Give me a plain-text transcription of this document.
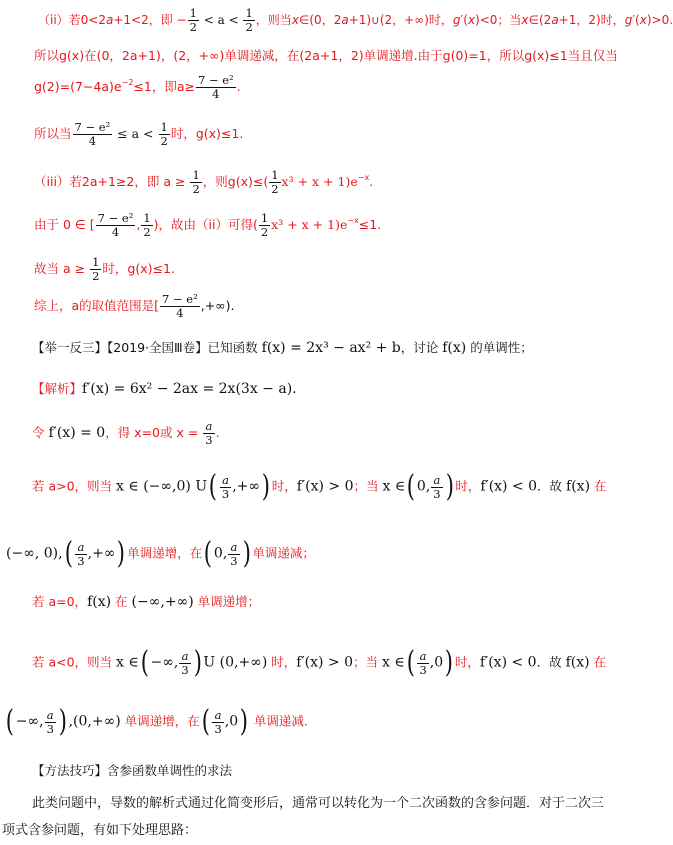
（ii）若0<2a+1<2，即 − $\frac{1}{2} < a < \frac{1}{2}$ ，则当x∈(0，2a+1)∪(2，+∞)时，g′(x)<0；当x∈(2a+1，2)时，g′(x)>0.
所以g(x)在(0，2a+1)，(2，+∞)单调递减，在(2a+1，2)单调递增.由于g(0)=1，所以g(x)≤1当且仅当
$g(2)=(7-4a)e^{-2}\le 1$，即$a\ge \frac{\text{7 − e²}}{4}$ .
所以当 $\frac{\text{7 − e²}}{4} \le a < \frac{1}{2}$ 时，g(x)≤1.
（iii）若2a+1≥2，即 $a \ge \frac{1}{2}$ ，则$g(x)\le( \frac{1}{2} x^3 + x + 1)e^{-x}$.
由于 0 ∈ [ $\frac{\text{7 − e²}}{4}$ , $\frac{1}{2}$ )，故由（ii）可得( $\frac{1}{2} x^3 + x + 1)e^{-x}\le 1$.
故当 $a \ge \frac{1}{2}$ 时，g(x)≤1.
综上，a的取值范围是[ $\frac{\text{7 − e²}}{4}$ ,+∞).
【举一反三】【2019·全国Ⅲ卷】已知函数 f(x) = 2x³ − ax² + b，讨论 f(x) 的单调性；
【解析】f′(x) = 6x² − 2ax = 2x(3x − a).
令 f′(x) = 0，得 x=0或 $x = \frac{a}{3}$ .
若 a>0，则当 x ∈ (−∞,0) $U( \frac{a}{3}$ ,+∞) 时，f′(x) > 0；当 x ∈( 0, $\frac{a}{3}$ ) 时，f′(x) < 0．故 f(x) 在
(−∞, $0),( \frac{a}{3}$ ,+∞) 单调递增，在( 0, $\frac{a}{3}$ ) 单调递减；
若 a=0，f(x) 在 (−∞,+∞) 单调递增；
若 a<0，则当 x ∈( −∞, $\frac{a}{3}$ ) U (0,+∞) 时，f′(x) > 0；当 x ∈( $\frac{a}{3} ,0$) 时，f′(x) < 0．故 f(x) 在
( −∞, $\frac{a}{3}$ ) ,(0,+∞) 单调递增，在( $\frac{a}{3} ,0$) 单调递减.
【方法技巧】含参函数单调性的求法
此类问题中，导数的解析式通过化简变形后，通常可以转化为一个二次函数的含参问题．对于二次三
项式含参问题，有如下处理思路：
